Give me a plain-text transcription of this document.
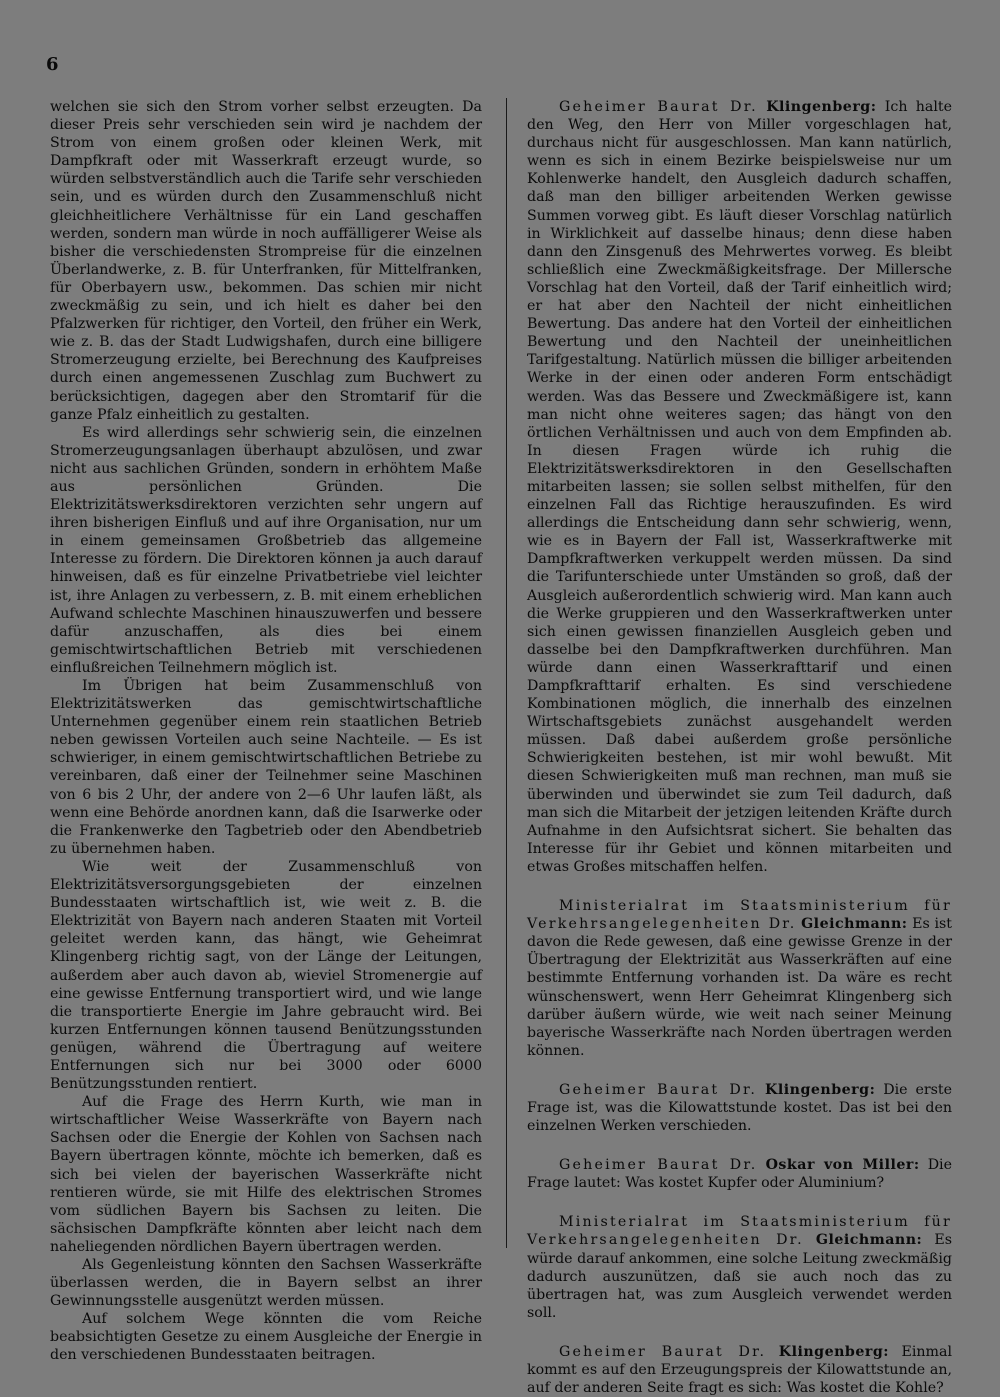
6

welchen sie sich den Strom vorher selbst erzeugten. Da dieser Preis sehr verschieden sein wird je nachdem der Strom von einem großen oder kleinen Werk, mit Dampfkraft oder mit Wasserkraft erzeugt wurde, so würden selbstverständlich auch die Tarife sehr verschieden sein, und es würden durch den Zusammenschluß nicht gleichheitlichere Verhältnisse für ein Land geschaffen werden, sondern man würde in noch auffälligerer Weise als bisher die verschiedensten Strompreise für die einzelnen Überlandwerke, z. B. für Unterfranken, für Mittelfranken, für Oberbayern usw., bekommen. Das schien mir nicht zweckmäßig zu sein, und ich hielt es daher bei den Pfalzwerken für richtiger, den Vorteil, den früher ein Werk, wie z. B. das der Stadt Ludwigshafen, durch eine billigere Stromerzeugung erzielte, bei Berechnung des Kaufpreises durch einen angemessenen Zuschlag zum Buchwert zu berücksichtigen, dagegen aber den Stromtarif für die ganze Pfalz einheitlich zu gestalten.

Es wird allerdings sehr schwierig sein, die einzelnen Stromerzeugungsanlagen überhaupt abzulösen, und zwar nicht aus sachlichen Gründen, sondern in erhöhtem Maße aus persönlichen Gründen. Die Elektrizitätswerksdirektoren verzichten sehr ungern auf ihren bisherigen Einfluß und auf ihre Organisation, nur um in einem gemeinsamen Großbetrieb das allgemeine Interesse zu fördern. Die Direktoren können ja auch darauf hinweisen, daß es für einzelne Privatbetriebe viel leichter ist, ihre Anlagen zu verbessern, z. B. mit einem erheblichen Aufwand schlechte Maschinen hinauszuwerfen und bessere dafür anzuschaffen, als dies bei einem gemischtwirtschaftlichen Betrieb mit verschiedenen einflußreichen Teilnehmern möglich ist.

Im Übrigen hat beim Zusammenschluß von Elektrizitätswerken das gemischtwirtschaftliche Unternehmen gegenüber einem rein staatlichen Betrieb neben gewissen Vorteilen auch seine Nachteile. — Es ist schwieriger, in einem gemischtwirtschaftlichen Betriebe zu vereinbaren, daß einer der Teilnehmer seine Maschinen von 6 bis 2 Uhr, der andere von 2—6 Uhr laufen läßt, als wenn eine Behörde anordnen kann, daß die Isarwerke oder die Frankenwerke den Tagbetrieb oder den Abendbetrieb zu übernehmen haben.

Wie weit der Zusammenschluß von Elektrizitätsversorgungsgebieten der einzelnen Bundesstaaten wirtschaftlich ist, wie weit z. B. die Elektrizität von Bayern nach anderen Staaten mit Vorteil geleitet werden kann, das hängt, wie Geheimrat Klingenberg richtig sagt, von der Länge der Leitungen, außerdem aber auch davon ab, wieviel Stromenergie auf eine gewisse Entfernung transportiert wird, und wie lange die transportierte Energie im Jahre gebraucht wird. Bei kurzen Entfernungen können tausend Benützungsstunden genügen, während die Übertragung auf weitere Entfernungen sich nur bei 3000 oder 6000 Benützungsstunden rentiert.

Auf die Frage des Herrn Kurth, wie man in wirtschaftlicher Weise Wasserkräfte von Bayern nach Sachsen oder die Energie der Kohlen von Sachsen nach Bayern übertragen könnte, möchte ich bemerken, daß es sich bei vielen der bayerischen Wasserkräfte nicht rentieren würde, sie mit Hilfe des elektrischen Stromes vom südlichen Bayern bis Sachsen zu leiten. Die sächsischen Dampfkräfte könnten aber leicht nach dem naheliegenden nördlichen Bayern übertragen werden.

Als Gegenleistung könnten den Sachsen Wasserkräfte überlassen werden, die in Bayern selbst an ihrer Gewinnungsstelle ausgenützt werden müssen.

Auf solchem Wege könnten die vom Reiche beabsichtigten Gesetze zu einem Ausgleiche der Energie in den verschiedenen Bundesstaaten beitragen.

Geheimer Baurat Dr. Klingenberg: Ich halte den Weg, den Herr von Miller vorgeschlagen hat, durchaus nicht für ausgeschlossen. Man kann natürlich, wenn es sich in einem Bezirke beispielsweise nur um Kohlenwerke handelt, den Ausgleich dadurch schaffen, daß man den billiger arbeitenden Werken gewisse Summen vorweg gibt. Es läuft dieser Vorschlag natürlich in Wirklichkeit auf dasselbe hinaus; denn diese haben dann den Zinsgenuß des Mehrwertes vorweg. Es bleibt schließlich eine Zweckmäßigkeitsfrage. Der Millersche Vorschlag hat den Vorteil, daß der Tarif einheitlich wird; er hat aber den Nachteil der nicht einheitlichen Bewertung. Das andere hat den Vorteil der einheitlichen Bewertung und den Nachteil der uneinheitlichen Tarifgestaltung. Natürlich müssen die billiger arbeitenden Werke in der einen oder anderen Form entschädigt werden. Was das Bessere und Zweckmäßigere ist, kann man nicht ohne weiteres sagen; das hängt von den örtlichen Verhältnissen und auch von dem Empfinden ab. In diesen Fragen würde ich ruhig die Elektrizitätswerksdirektoren in den Gesellschaften mitarbeiten lassen; sie sollen selbst mithelfen, für den einzelnen Fall das Richtige herauszufinden. Es wird allerdings die Entscheidung dann sehr schwierig, wenn, wie es in Bayern der Fall ist, Wasserkraftwerke mit Dampfkraftwerken verkuppelt werden müssen. Da sind die Tarifunterschiede unter Umständen so groß, daß der Ausgleich außerordentlich schwierig wird. Man kann auch die Werke gruppieren und den Wasserkraftwerken unter sich einen gewissen finanziellen Ausgleich geben und dasselbe bei den Dampfkraftwerken durchführen. Man würde dann einen Wasserkrafttarif und einen Dampfkrafttarif erhalten. Es sind verschiedene Kombinationen möglich, die innerhalb des einzelnen Wirtschaftsgebiets zunächst ausgehandelt werden müssen. Daß dabei außerdem große persönliche Schwierigkeiten bestehen, ist mir wohl bewußt. Mit diesen Schwierigkeiten muß man rechnen, man muß sie überwinden und überwindet sie zum Teil dadurch, daß man sich die Mitarbeit der jetzigen leitenden Kräfte durch Aufnahme in den Aufsichtsrat sichert. Sie behalten das Interesse für ihr Gebiet und können mitarbeiten und etwas Großes mitschaffen helfen.

Ministerialrat im Staatsministerium für Verkehrsangelegenheiten Dr. Gleichmann: Es ist davon die Rede gewesen, daß eine gewisse Grenze in der Übertragung der Elektrizität aus Wasserkräften auf eine bestimmte Entfernung vorhanden ist. Da wäre es recht wünschenswert, wenn Herr Geheimrat Klingenberg sich darüber äußern würde, wie weit nach seiner Meinung bayerische Wasserkräfte nach Norden übertragen werden können.

Geheimer Baurat Dr. Klingenberg: Die erste Frage ist, was die Kilowattstunde kostet. Das ist bei den einzelnen Werken verschieden.

Geheimer Baurat Dr. Oskar von Miller: Die Frage lautet: Was kostet Kupfer oder Aluminium?

Ministerialrat im Staatsministerium für Verkehrsangelegenheiten Dr. Gleichmann: Es würde darauf ankommen, eine solche Leitung zweckmäßig dadurch auszunützen, daß sie auch noch das zu übertragen hat, was zum Ausgleich verwendet werden soll.

Geheimer Baurat Dr. Klingenberg: Einmal kommt es auf den Erzeugungspreis der Kilowattstunde an, auf der anderen Seite fragt es sich: Was kostet die Kohle?
